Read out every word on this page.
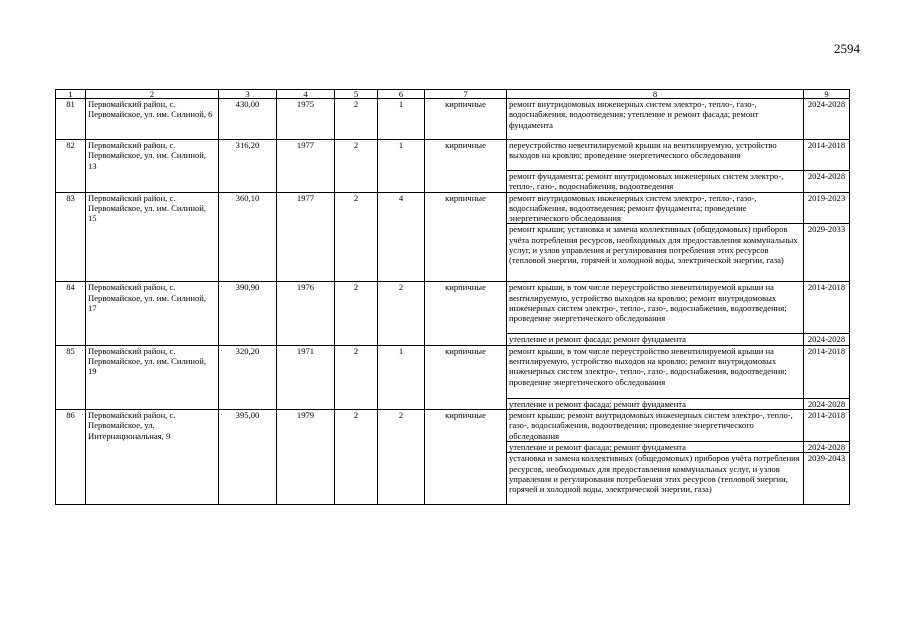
2594
1	2	3	4	5	6	7	8	9
81	Первомайский район, с. Первомайское, ул. им. Силиной, 6	430,00	1975	2	1	кирпичные	ремонт внутридомовых инженерных систем электро-, тепло-, газо-, водоснабжения, водоотведения; утепление и ремонт фасада; ремонт фундамента	2024-2028
82	Первомайский район, с. Первомайское, ул. им. Силиной, 13	316,20	1977	2	1	кирпичные	переустройство невентилируемой крыши на вентилируемую, устройство выходов на кровлю; проведение энергетического обследования	2014-2018
							ремонт фундамента; ремонт внутридомовых инженерных систем электро-, тепло-, газо-, водоснабжения, водоотведения	2024-2028
83	Первомайский район, с. Первомайское, ул. им. Силиной, 15	360,10	1977	2	4	кирпичные	ремонт внутридомовых инженерных систем электро-, тепло-, газо-, водоснабжения, водоотведения; ремонт фундамента; проведение энергетического обследования	2019-2023
							ремонт крыши; установка и замена коллективных (общедомовых) приборов учёта потребления ресурсов, необходимых для предоставления коммунальных услуг, и узлов управления и регулирования потребления этих ресурсов (тепловой энергии, горячей и холодной воды, электрической энергии, газа)	2029-2033
84	Первомайский район, с. Первомайское, ул. им. Силиной, 17	390,90	1976	2	2	кирпичные	ремонт крыши, в том числе переустройство невентилируемой крыши на вентилируемую, устройство выходов на кровлю; ремонт внутридомовых инженерных систем электро-, тепло-, газо-, водоснабжения, водоотведения; проведение энергетического обследования	2014-2018
							утепление и ремонт фасада; ремонт фундамента	2024-2028
85	Первомайский район, с. Первомайское, ул. им. Силиной, 19	320,20	1971	2	1	кирпичные	ремонт крыши, в том числе переустройство невентилируемой крыши на вентилируемую, устройство выходов на кровлю; ремонт внутридомовых инженерных систем электро-, тепло-, газо-, водоснабжения, водоотведения; проведение энергетического обследования	2014-2018
							утепление и ремонт фасада; ремонт фундамента	2024-2028
86	Первомайский район, с. Первомайское, ул. Интернациональная, 9	395,00	1979	2	2	кирпичные	ремонт крыши; ремонт внутридомовых инженерных систем электро-, тепло-, газо-, водоснабжения, водоотведения; проведение энергетического обследования	2014-2018
							утепление и ремонт фасада; ремонт фундамента	2024-2028
							установка и замена коллективных (общедомовых) приборов учёта потребления ресурсов, необходимых для предоставления коммунальных услуг, и узлов управления и регулирования потребления этих ресурсов (тепловой энергии, горячей и холодной воды, электрической энергии, газа)	2039-2043
